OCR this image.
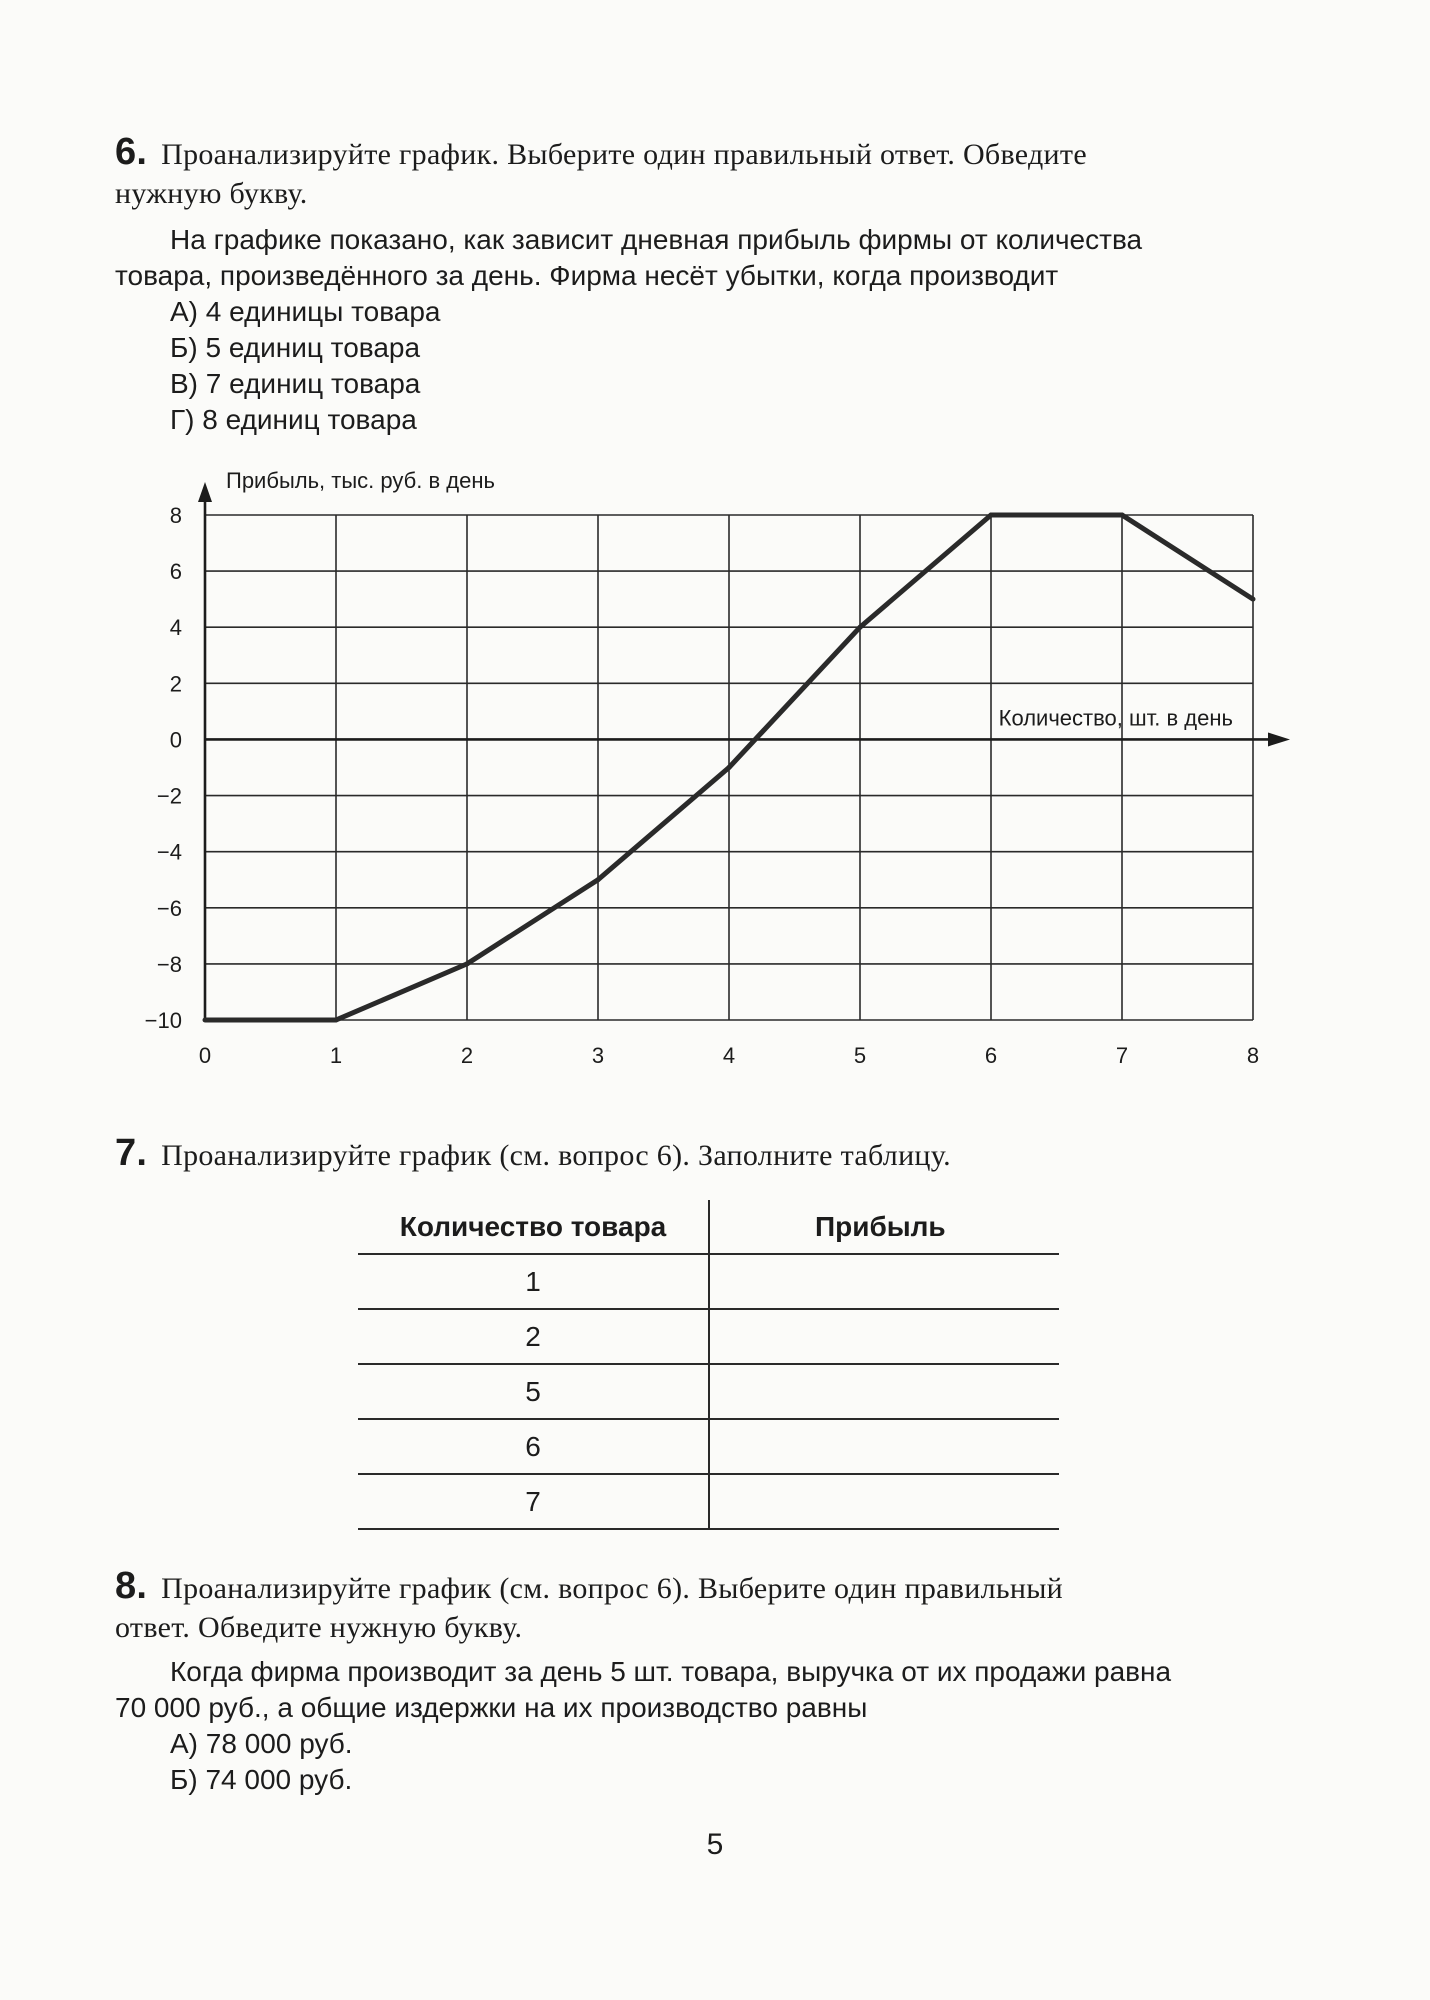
6. Проанализируйте график. Выберите один правильный ответ. Обведите
нужную букву.
На графике показано, как зависит дневная прибыль фирмы от количества
товара, произведённого за день. Фирма несёт убытки, когда производит
А) 4 единицы товара
Б) 5 единиц товара
В) 7 единиц товара
Г) 8 единиц товара
8
6
4
2
0
−2
−4
−6
−8
−10
0	1	2	3	4	5	6	7	8
Прибыль, тыс. руб. в день
Количество, шт. в день
7. Проанализируйте график (см. вопрос 6). Заполните таблицу.
Количество товара	Прибыль
1	
2	
5	
6	
7	
8. Проанализируйте график (см. вопрос 6). Выберите один правильный
ответ. Обведите нужную букву.
Когда фирма производит за день 5 шт. товара, выручка от их продажи равна
70 000 руб., а общие издержки на их производство равны
А) 78 000 руб.
Б) 74 000 руб.
5
